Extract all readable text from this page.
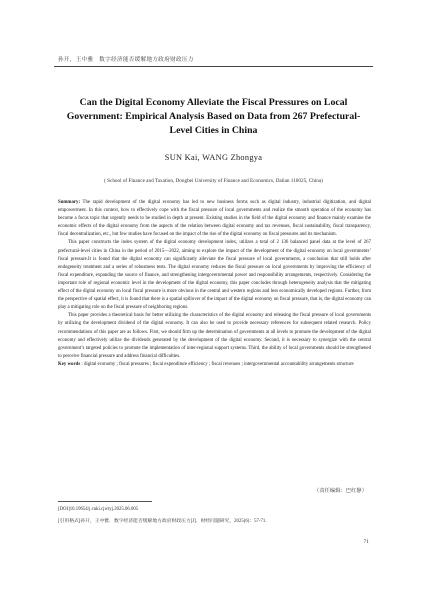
孙开，王中雅　数字经济能否缓解地方政府财政压力
Can the Digital Economy Alleviate the Fiscal Pressures on Local Government: Empirical Analysis Based on Data from 267 Prefectural-Level Cities in China
SUN Kai, WANG Zhongya
( School of Finance and Taxation, Dongbei University of Finance and Economics, Dalian 116025, China)

Summary: The rapid development of the digital economy has led to new business forms such as digital industry, industrial digitization, and digital empowerment. In this context, how to effectively cope with the fiscal pressure of local governments and realize the smooth operation of the economy has become a focus topic that urgently needs to be studied in depth at present. Existing studies in the field of the digital economy and finance mainly examine the economic effects of the digital economy from the aspects of the relation between digital economy and tax revenues, fiscal sustainability, fiscal transparency, fiscal decentralization, etc., but few studies have focused on the impact of the rise of the digital economy on fiscal pressures and its mechanism.

This paper constructs the index system of the digital economy development index, utilizes a total of 2 136 balanced panel data at the level of 267 prefectural-level cities in China in the period of 2015—2022, aiming to explore the impact of the development of the digital economy on local governments’ fiscal pressure.It is found that the digital economy can significantly alleviate the fiscal pressure of local governments, a conclusion that still holds after endogeneity treatment and a series of robustness tests. The digital economy reduces the fiscal pressure on local governments by improving the efficiency of fiscal expenditure, expanding the source of finance, and strengthening intergovernmental power and responsibility arrangements, respectively. Considering the important role of regional economic level in the development of the digital economy, this paper concludes through heterogeneity analysis that the mitigating effect of the digital economy on local fiscal pressure is more obvious in the central and western regions and less economically developed regions. Further, from the perspective of spatial effect, it is found that there is a spatial spillover of the impact of the digital economy on fiscal pressure, that is, the digital economy can play a mitigating role on the fiscal pressure of neighboring regions.

This paper provides a theoretical basis for better utilizing the characteristics of the digital economy and releasing the fiscal pressure of local governments by utilizing the development dividend of the digital economy. It can also be used to provide necessary references for subsequent related research. Policy recommendations of this paper are as follows. First, we should firm up the determination of governments at all levels to promote the development of the digital economy and effectively utilize the dividends generated by the development of the digital economy. Second, it is necessary to synergize with the central government’s targeted policies to promote the implementation of inter-regional support systems. Third, the ability of local governments should be strengthened to perceive financial pressure and address financial difficulties.

Key words : digital economy ; fiscal pressures ; fiscal expenditure efficiency ; fiscal revenues ; intergovernmental accountability arrangements structure

（责任编辑：巴红静）
[DOI]10.19654/j.cnki.cjwtyj.2025.06.005
[引用格式]孙开，王中雅．数字经济能否缓解地方政府财政压力[J]．财经问题研究，2025(6)：57-71.
71
